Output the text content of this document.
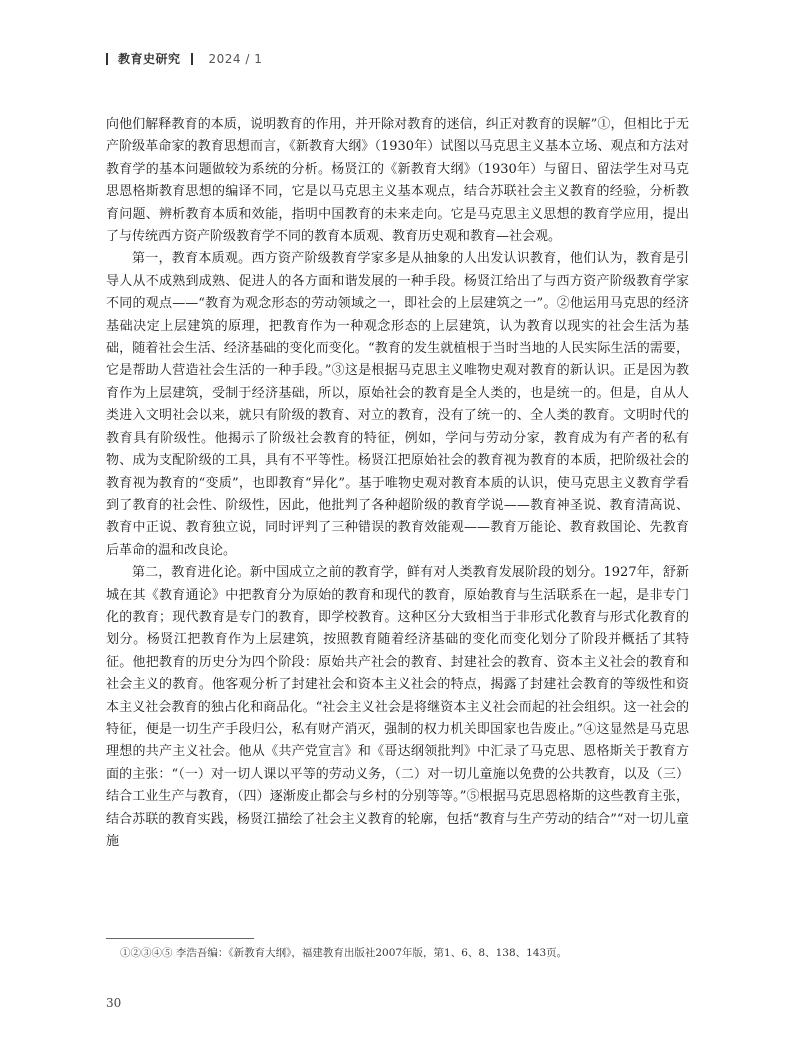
教育史研究 2024 / 1

向他们解释教育的本质，说明教育的作用，并开除对教育的迷信，纠正对教育的误解”①，但相比于无产阶级革命家的教育思想而言，《新教育大纲》（1930年）试图以马克思主义基本立场、观点和方法对教育学的基本问题做较为系统的分析。杨贤江的《新教育大纲》（1930年）与留日、留法学生对马克思恩格斯教育思想的编译不同，它是以马克思主义基本观点，结合苏联社会主义教育的经验，分析教育问题、辨析教育本质和效能，指明中国教育的未来走向。它是马克思主义思想的教育学应用，提出了与传统西方资产阶级教育学不同的教育本质观、教育历史观和教育—社会观。

第一，教育本质观。西方资产阶级教育学家多是从抽象的人出发认识教育，他们认为，教育是引导人从不成熟到成熟、促进人的各方面和谐发展的一种手段。杨贤江给出了与西方资产阶级教育学家不同的观点——“教育为观念形态的劳动领域之一，即社会的上层建筑之一”。②他运用马克思的经济基础决定上层建筑的原理，把教育作为一种观念形态的上层建筑，认为教育以现实的社会生活为基础，随着社会生活、经济基础的变化而变化。“教育的发生就植根于当时当地的人民实际生活的需要，它是帮助人营造社会生活的一种手段。”③这是根据马克思主义唯物史观对教育的新认识。正是因为教育作为上层建筑，受制于经济基础，所以，原始社会的教育是全人类的，也是统一的。但是，自从人类进入文明社会以来，就只有阶级的教育、对立的教育，没有了统一的、全人类的教育。文明时代的教育具有阶级性。他揭示了阶级社会教育的特征，例如，学问与劳动分家，教育成为有产者的私有物、成为支配阶级的工具，具有不平等性。杨贤江把原始社会的教育视为教育的本质，把阶级社会的教育视为教育的“变质”，也即教育“异化”。基于唯物史观对教育本质的认识，使马克思主义教育学看到了教育的社会性、阶级性，因此，他批判了各种超阶级的教育学说——教育神圣说、教育清高说、教育中正说、教育独立说，同时评判了三种错误的教育效能观——教育万能论、教育救国论、先教育后革命的温和改良论。

第二，教育进化论。新中国成立之前的教育学，鲜有对人类教育发展阶段的划分。1927年，舒新城在其《教育通论》中把教育分为原始的教育和现代的教育，原始教育与生活联系在一起，是非专门化的教育；现代教育是专门的教育，即学校教育。这种区分大致相当于非形式化教育与形式化教育的划分。杨贤江把教育作为上层建筑，按照教育随着经济基础的变化而变化划分了阶段并概括了其特征。他把教育的历史分为四个阶段：原始共产社会的教育、封建社会的教育、资本主义社会的教育和社会主义的教育。他客观分析了封建社会和资本主义社会的特点，揭露了封建社会教育的等级性和资本主义社会教育的独占化和商品化。“社会主义社会是将继资本主义社会而起的社会组织。这一社会的特征，便是一切生产手段归公，私有财产消灭，强制的权力机关即国家也告废止。”④这显然是马克思理想的共产主义社会。他从《共产党宣言》和《哥达纲领批判》中汇录了马克思、恩格斯关于教育方面的主张：“（一）对一切人课以平等的劳动义务，（二）对一切儿童施以免费的公共教育，以及（三）结合工业生产与教育，（四）逐渐废止都会与乡村的分别等等。”⑤根据马克思恩格斯的这些教育主张，结合苏联的教育实践，杨贤江描绘了社会主义教育的轮廓，包括“教育与生产劳动的结合”“对一切儿童施

①②③④⑤ 李浩吾编：《新教育大纲》，福建教育出版社2007年版，第1、6、8、138、143页。
30
